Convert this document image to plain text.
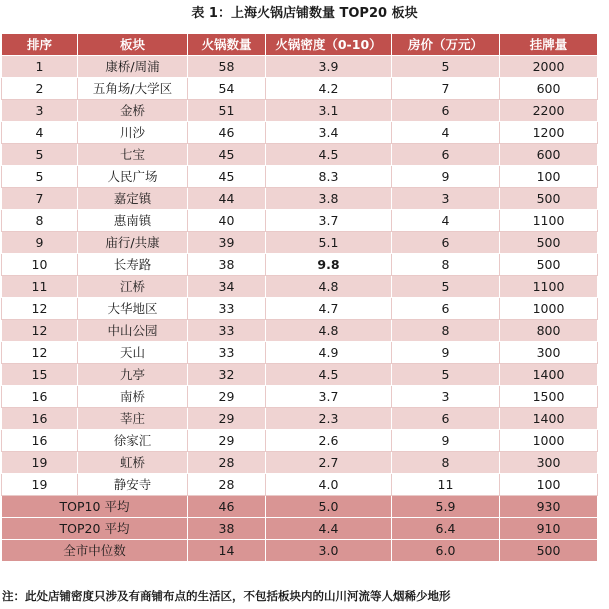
表 1：上海火锅店铺数量 TOP20 板块
排序	板块	火锅数量	火锅密度（0-10）	房价（万元）	挂牌量
1	康桥/周浦	58	3.9	5	2000
2	五角场/大学区	54	4.2	7	600
3	金桥	51	3.1	6	2200
4	川沙	46	3.4	4	1200
5	七宝	45	4.5	6	600
5	人民广场	45	8.3	9	100
7	嘉定镇	44	3.8	3	500
8	惠南镇	40	3.7	4	1100
9	庙行/共康	39	5.1	6	500
10	长寿路	38	9.8	8	500
11	江桥	34	4.8	5	1100
12	大华地区	33	4.7	6	1000
12	中山公园	33	4.8	8	800
12	天山	33	4.9	9	300
15	九亭	32	4.5	5	1400
16	南桥	29	3.7	3	1500
16	莘庄	29	2.3	6	1400
16	徐家汇	29	2.6	9	1000
19	虹桥	28	2.7	8	300
19	静安寺	28	4.0	11	100
TOP10 平均		46	5.0	5.9	930
TOP20 平均		38	4.4	6.4	910
全市中位数		14	3.0	6.0	500
注：此处店铺密度只涉及有商铺布点的生活区，不包括板块内的山川河流等人烟稀少地形
